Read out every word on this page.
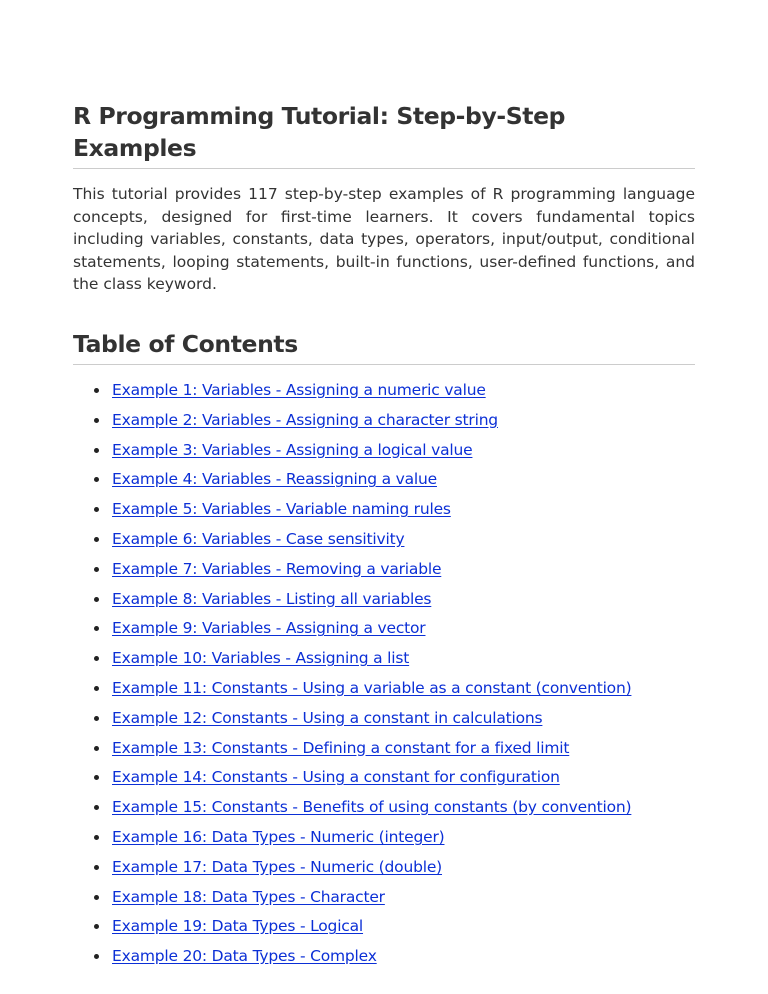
R Programming Tutorial: Step-by-Step Examples

This tutorial provides 117 step-by-step examples of R programming language concepts, designed for first-time learners. It covers fundamental topics including variables, constants, data types, operators, input/output, conditional statements, looping statements, built-in functions, user-defined functions, and the class keyword.

Table of Contents
Example 1: Variables - Assigning a numeric value
Example 2: Variables - Assigning a character string
Example 3: Variables - Assigning a logical value
Example 4: Variables - Reassigning a value
Example 5: Variables - Variable naming rules
Example 6: Variables - Case sensitivity
Example 7: Variables - Removing a variable
Example 8: Variables - Listing all variables
Example 9: Variables - Assigning a vector
Example 10: Variables - Assigning a list
Example 11: Constants - Using a variable as a constant (convention)
Example 12: Constants - Using a constant in calculations
Example 13: Constants - Defining a constant for a fixed limit
Example 14: Constants - Using a constant for configuration
Example 15: Constants - Benefits of using constants (by convention)
Example 16: Data Types - Numeric (integer)
Example 17: Data Types - Numeric (double)
Example 18: Data Types - Character
Example 19: Data Types - Logical
Example 20: Data Types - Complex
